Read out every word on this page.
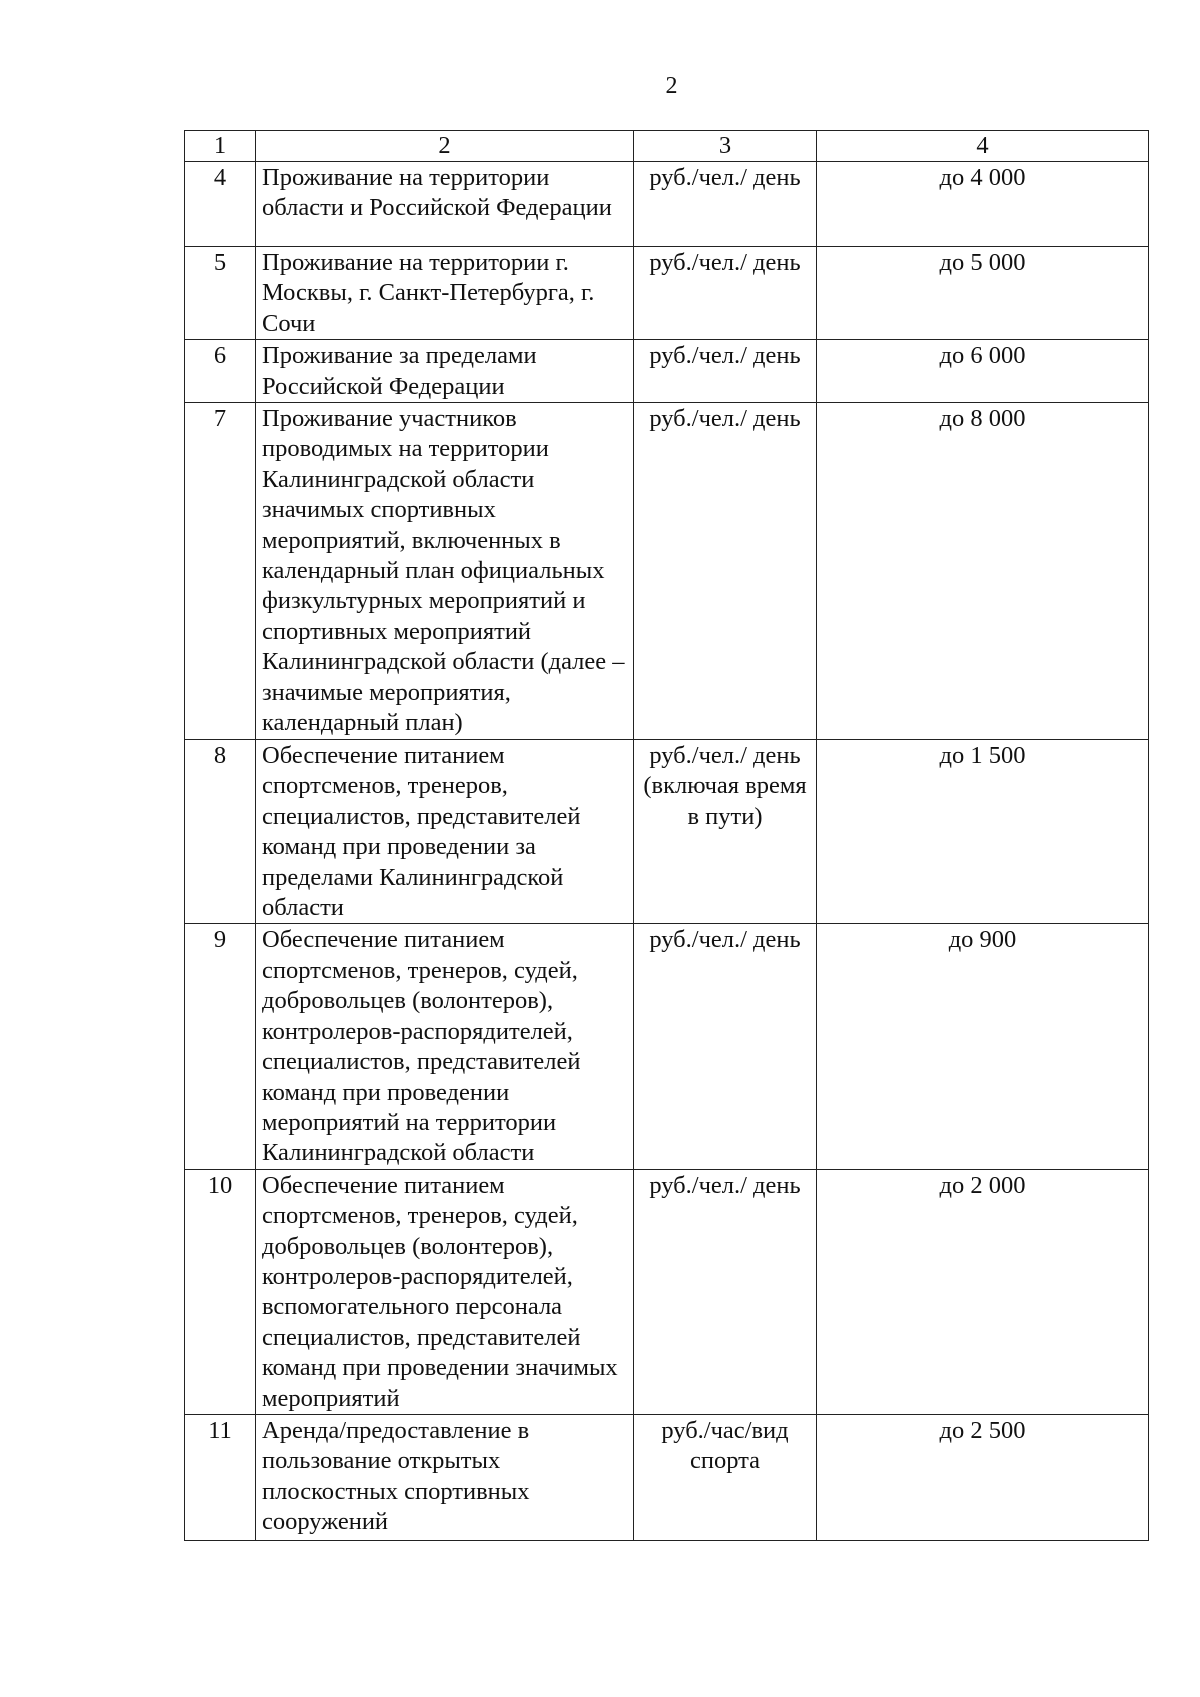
2
1	2	3	4
4	Проживание на территории области и Российской Федерации	руб./чел./ день	до 4 000
5	Проживание на территории г. Москвы, г. Санкт-Петербурга, г. Сочи	руб./чел./ день	до 5 000
6	Проживание за пределами Российской Федерации	руб./чел./ день	до 6 000
7	Проживание участников проводимых на территории Калининградской области значимых спортивных мероприятий, включенных в календарный план официальных физкультурных мероприятий и спортивных мероприятий Калининградской области (далее – значимые мероприятия, календарный план)	руб./чел./ день	до 8 000
8	Обеспечение питанием спортсменов, тренеров, специалистов, представителей команд при проведении за пределами Калининградской области	руб./чел./ день (включая время в пути)	до 1 500
9	Обеспечение питанием спортсменов, тренеров, судей, добровольцев (волонтеров), контролеров-распорядителей, специалистов, представителей команд при проведении мероприятий на территории Калининградской области	руб./чел./ день	до 900
10	Обеспечение питанием спортсменов, тренеров, судей, добровольцев (волонтеров), контролеров-распорядителей, вспомогательного персонала специалистов, представителей команд при проведении значимых мероприятий	руб./чел./ день	до 2 000
11	Аренда/предоставление в пользование открытых плоскостных спортивных сооружений	руб./час/вид спорта	до 2 500
